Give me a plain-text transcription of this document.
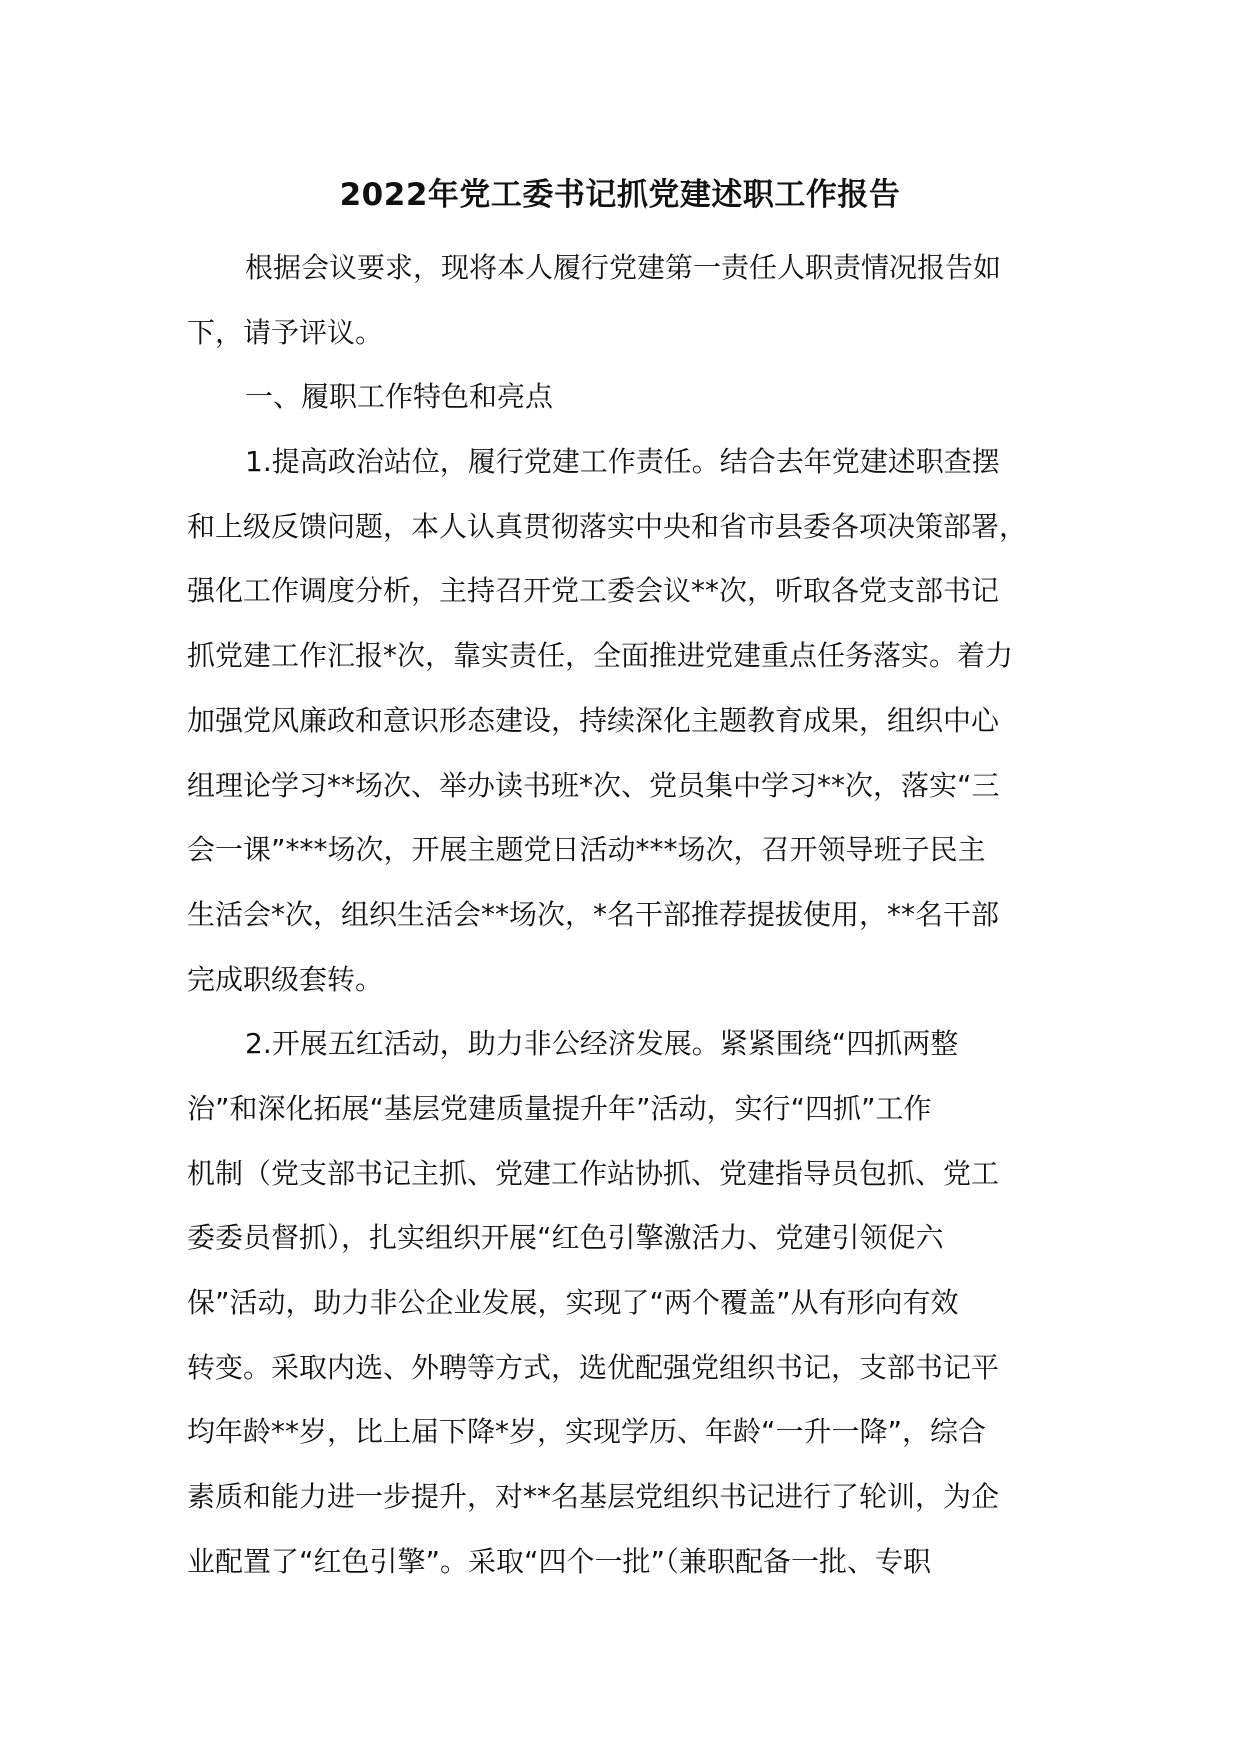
2022年党工委书记抓党建述职工作报告
根据会议要求，现将本人履行党建第一责任人职责情况报告如
下，请予评议。
一、履职工作特色和亮点
1.提高政治站位，履行党建工作责任。结合去年党建述职查摆
和上级反馈问题，本人认真贯彻落实中央和省市县委各项决策部署，
强化工作调度分析，主持召开党工委会议**次，听取各党支部书记
抓党建工作汇报*次，靠实责任，全面推进党建重点任务落实。着力
加强党风廉政和意识形态建设，持续深化主题教育成果，组织中心
组理论学习**场次、举办读书班*次、党员集中学习**次，落实“三
会一课”***场次，开展主题党日活动***场次，召开领导班子民主
生活会*次，组织生活会**场次，*名干部推荐提拔使用，**名干部
完成职级套转。
2.开展五红活动，助力非公经济发展。紧紧围绕“四抓两整
治”和深化拓展“基层党建质量提升年”活动，实行“四抓”工作
机制（党支部书记主抓、党建工作站协抓、党建指导员包抓、党工
委委员督抓），扎实组织开展“红色引擎激活力、党建引领促六
保”活动，助力非公企业发展，实现了“两个覆盖”从有形向有效
转变。采取内选、外聘等方式，选优配强党组织书记，支部书记平
均年龄**岁，比上届下降*岁，实现学历、年龄“一升一降”，综合
素质和能力进一步提升，对**名基层党组织书记进行了轮训，为企
业配置了“红色引擎”。采取“四个一批”（兼职配备一批、专职
